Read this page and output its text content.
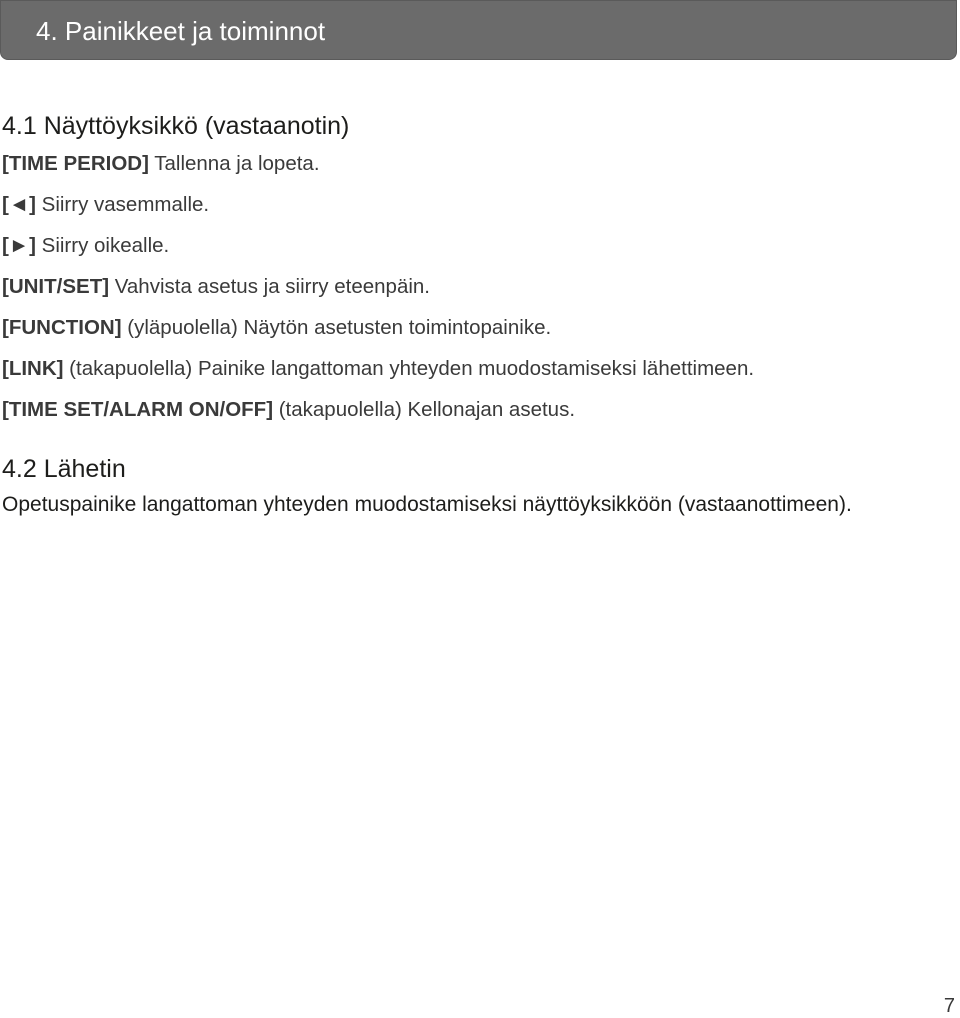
4. Painikkeet ja toiminnot
4.1 Näyttöyksikkö (vastaanotin)
[TIME PERIOD] Tallenna ja lopeta.
[◄] Siirry vasemmalle.
[►] Siirry oikealle.
[UNIT/SET] Vahvista asetus ja siirry eteenpäin.
[FUNCTION] (yläpuolella) Näytön asetusten toimintopainike.
[LINK] (takapuolella) Painike langattoman yhteyden muodostamiseksi lähettimeen.
[TIME SET/ALARM ON/OFF] (takapuolella) Kellonajan asetus.
4.2 Lähetin
Opetuspainike langattoman yhteyden muodostamiseksi näyttöyksikköön (vastaanottimeen).
7
